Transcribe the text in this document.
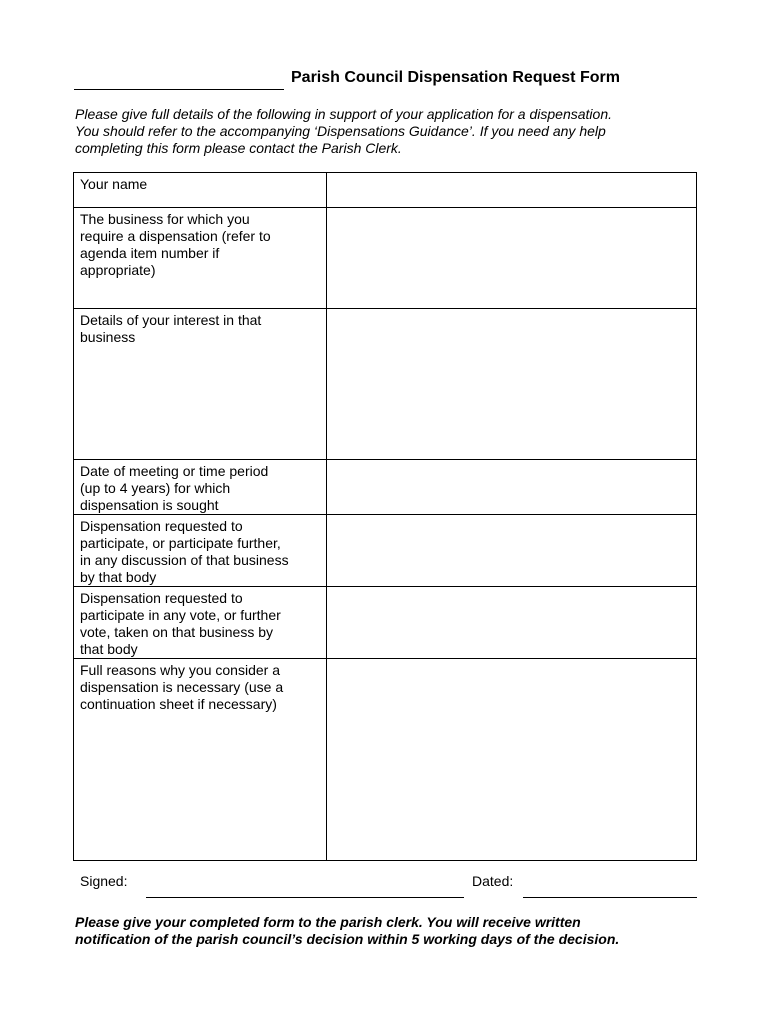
Parish Council Dispensation Request Form
Please give full details of the following in support of your application for a dispensation.
You should refer to the accompanying ‘Dispensations Guidance’. If you need any help
completing this form please contact the Parish Clerk.
Your name	

The business for which you
require a dispensation (refer to
agenda item number if
appropriate)	

Details of your interest in that
business	

Date of meeting or time period
(up to 4 years) for which
dispensation is sought	

Dispensation requested to
participate, or participate further,
in any discussion of that business
by that body	

Dispensation requested to
participate in any vote, or further
vote, taken on that business by
that body	

Full reasons why you consider a
dispensation is necessary (use a
continuation sheet if necessary)	

Signed:	Dated:
Please give your completed form to the parish clerk. You will receive written
notification of the parish council’s decision within 5 working days of the decision.
